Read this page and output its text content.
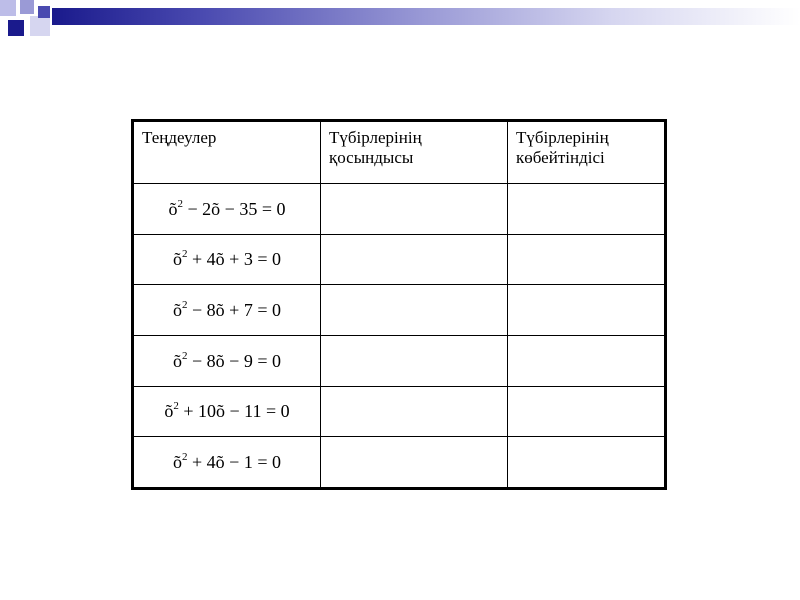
Теңдеулер	Түбірлерінің қосындысы	Түбірлерінің көбейтіндісі
$õ^2$ − 2õ − 35 = 0		
$õ^2$ + 4õ + 3 = 0		
$õ^2$ − 8õ + 7 = 0		
$õ^2$ − 8õ − 9 = 0		
$õ^2$ + 10õ − 11 = 0		
$õ^2$ + 4õ − 1 = 0		
